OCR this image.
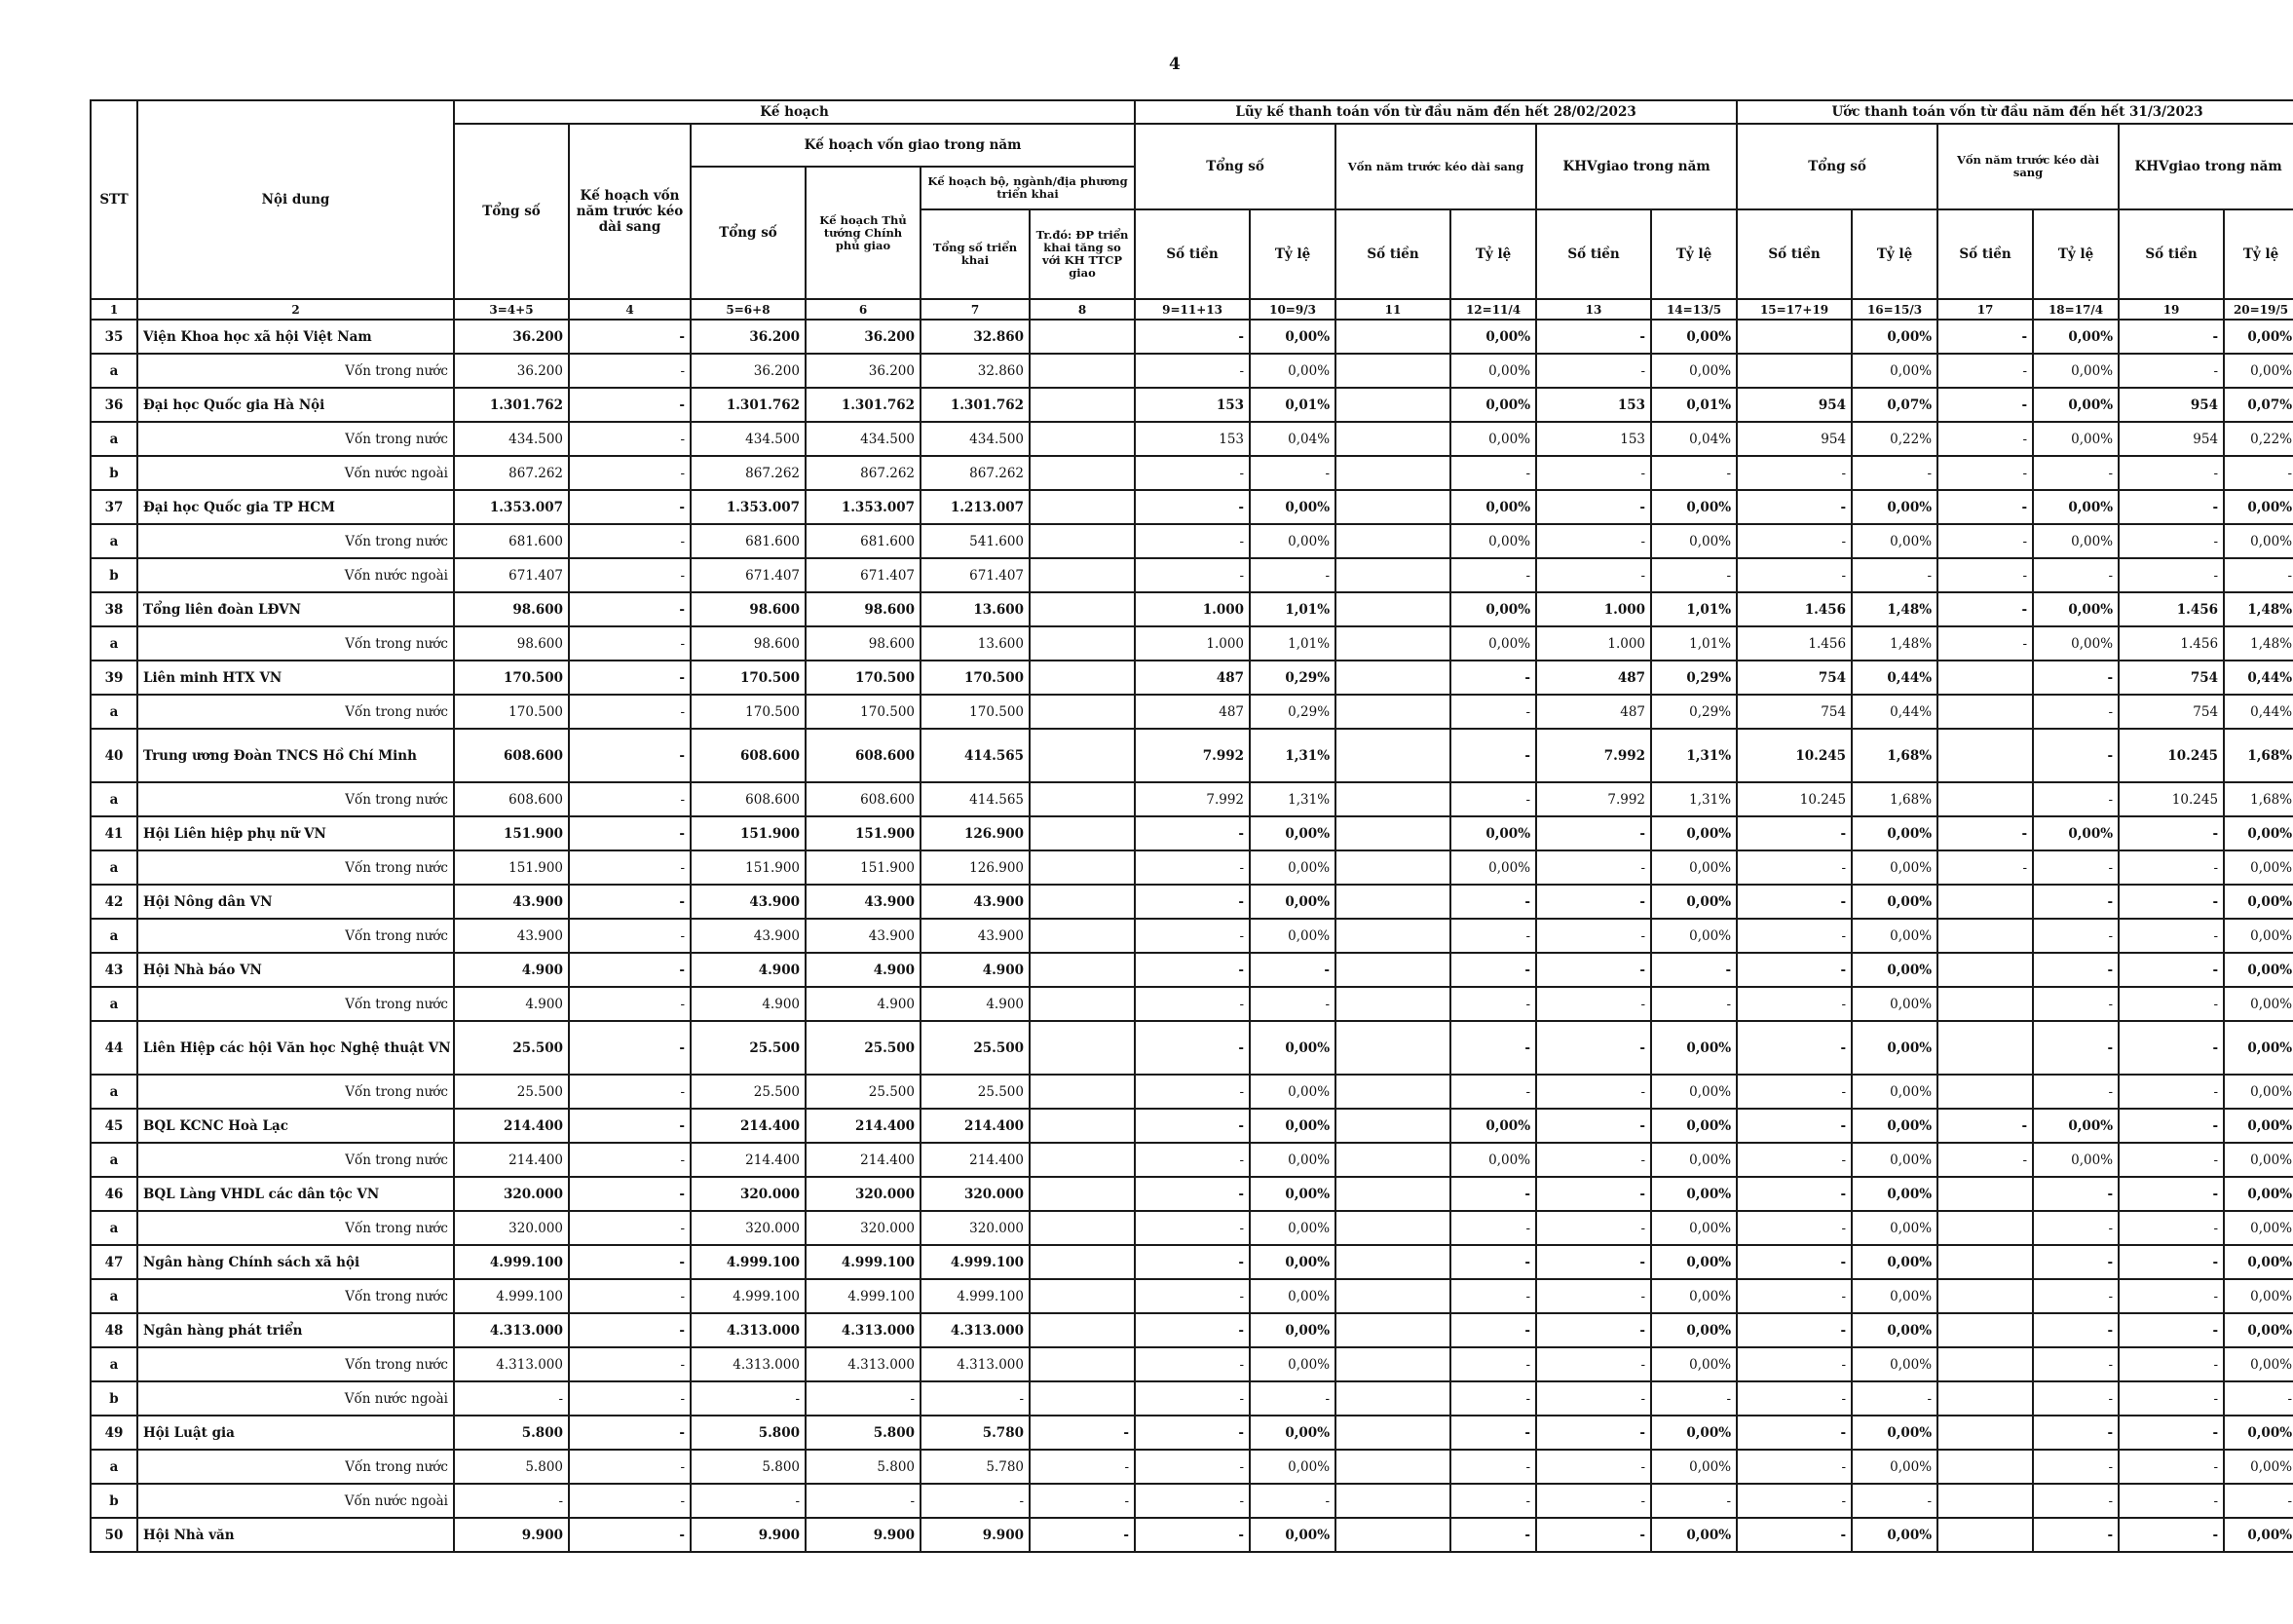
4
STT	Nội dung	Kế hoạch						Lũy kế thanh toán vốn từ đầu năm đến hết 28/02/2023						Ước thanh toán vốn từ đầu năm đến hết 31/3/2023					
		Tổng số	Kế hoạch vốn năm trước kéo dài sang	Kế hoạch vốn giao trong năm				Tổng số		Vốn năm trước kéo dài sang		KHVgiao trong năm		Tổng số		Vốn năm trước kéo dài sang		KHVgiao trong năm	
				Tổng số	Kế hoạch Thủ tướng Chính phủ giao	Kế hoạch bộ, ngành/địa phương triển khai													
						Tổng số triển khai	Tr.đó: ĐP triển khai tăng so với KH TTCP giao	Số tiền	Tỷ lệ	Số tiền	Tỷ lệ	Số tiền	Tỷ lệ	Số tiền	Tỷ lệ	Số tiền	Tỷ lệ	Số tiền	Tỷ lệ
1	2	3=4+5	4	5=6+8	6	7	8	9=11+13	10=9/3	11	12=11/4	13	14=13/5	15=17+19	16=15/3	17	18=17/4	19	20=19/5
35	Viện Khoa học xã hội Việt Nam	36.200	-	36.200	36.200	32.860		-	0,00%		0,00%	-	0,00%		0,00%	-	0,00%	-	0,00%
a	Vốn trong nước	36.200	-	36.200	36.200	32.860		-	0,00%		0,00%	-	0,00%		0,00%	-	0,00%	-	0,00%
36	Đại học Quốc gia Hà Nội	1.301.762	-	1.301.762	1.301.762	1.301.762		153	0,01%		0,00%	153	0,01%	954	0,07%	-	0,00%	954	0,07%
a	Vốn trong nước	434.500	-	434.500	434.500	434.500		153	0,04%		0,00%	153	0,04%	954	0,22%	-	0,00%	954	0,22%
b	Vốn nước ngoài	867.262	-	867.262	867.262	867.262		-	-		-	-	-	-	-	-	-	-	-
37	Đại học Quốc gia TP HCM	1.353.007	-	1.353.007	1.353.007	1.213.007		-	0,00%		0,00%	-	0,00%	-	0,00%	-	0,00%	-	0,00%
a	Vốn trong nước	681.600	-	681.600	681.600	541.600		-	0,00%		0,00%	-	0,00%	-	0,00%	-	0,00%	-	0,00%
b	Vốn nước ngoài	671.407	-	671.407	671.407	671.407		-	-		-	-	-	-	-	-	-	-	-
38	Tổng liên đoàn LĐVN	98.600	-	98.600	98.600	13.600		1.000	1,01%		0,00%	1.000	1,01%	1.456	1,48%	-	0,00%	1.456	1,48%
a	Vốn trong nước	98.600	-	98.600	98.600	13.600		1.000	1,01%		0,00%	1.000	1,01%	1.456	1,48%	-	0,00%	1.456	1,48%
39	Liên minh HTX VN	170.500	-	170.500	170.500	170.500		487	0,29%		-	487	0,29%	754	0,44%		-	754	0,44%
a	Vốn trong nước	170.500	-	170.500	170.500	170.500		487	0,29%		-	487	0,29%	754	0,44%		-	754	0,44%
40	Trung ương Đoàn TNCS Hồ Chí Minh	608.600	-	608.600	608.600	414.565		7.992	1,31%		-	7.992	1,31%	10.245	1,68%		-	10.245	1,68%
a	Vốn trong nước	608.600	-	608.600	608.600	414.565		7.992	1,31%		-	7.992	1,31%	10.245	1,68%		-	10.245	1,68%
41	Hội Liên hiệp phụ nữ VN	151.900	-	151.900	151.900	126.900		-	0,00%		0,00%	-	0,00%	-	0,00%	-	0,00%	-	0,00%
a	Vốn trong nước	151.900	-	151.900	151.900	126.900		-	0,00%		0,00%	-	0,00%	-	0,00%	-	-	-	0,00%
42	Hội Nông dân VN	43.900	-	43.900	43.900	43.900		-	0,00%		-	-	0,00%	-	0,00%		-	-	0,00%
a	Vốn trong nước	43.900	-	43.900	43.900	43.900		-	0,00%		-	-	0,00%	-	0,00%		-	-	0,00%
43	Hội Nhà báo VN	4.900	-	4.900	4.900	4.900		-	-		-	-	-	-	0,00%		-	-	0,00%
a	Vốn trong nước	4.900	-	4.900	4.900	4.900		-	-		-	-	-	-	0,00%		-	-	0,00%
44	Liên Hiệp các hội Văn học Nghệ thuật VN	25.500	-	25.500	25.500	25.500		-	0,00%		-	-	0,00%	-	0,00%		-	-	0,00%
a	Vốn trong nước	25.500	-	25.500	25.500	25.500		-	0,00%		-	-	0,00%	-	0,00%		-	-	0,00%
45	BQL KCNC Hoà Lạc	214.400	-	214.400	214.400	214.400		-	0,00%		0,00%	-	0,00%	-	0,00%	-	0,00%	-	0,00%
a	Vốn trong nước	214.400	-	214.400	214.400	214.400		-	0,00%		0,00%	-	0,00%	-	0,00%	-	0,00%	-	0,00%
46	BQL Làng VHDL các dân tộc VN	320.000	-	320.000	320.000	320.000		-	0,00%		-	-	0,00%	-	0,00%		-	-	0,00%
a	Vốn trong nước	320.000	-	320.000	320.000	320.000		-	0,00%		-	-	0,00%	-	0,00%		-	-	0,00%
47	Ngân hàng Chính sách xã hội	4.999.100	-	4.999.100	4.999.100	4.999.100		-	0,00%		-	-	0,00%	-	0,00%		-	-	0,00%
a	Vốn trong nước	4.999.100	-	4.999.100	4.999.100	4.999.100		-	0,00%		-	-	0,00%	-	0,00%		-	-	0,00%
48	Ngân hàng phát triển	4.313.000	-	4.313.000	4.313.000	4.313.000		-	0,00%		-	-	0,00%	-	0,00%		-	-	0,00%
a	Vốn trong nước	4.313.000	-	4.313.000	4.313.000	4.313.000		-	0,00%		-	-	0,00%	-	0,00%		-	-	0,00%
b	Vốn nước ngoài	-	-	-	-	-		-	-		-	-	-	-	-		-	-	-
49	Hội Luật gia	5.800	-	5.800	5.800	5.780	-	-	0,00%		-	-	0,00%	-	0,00%		-	-	0,00%
a	Vốn trong nước	5.800	-	5.800	5.800	5.780	-	-	0,00%		-	-	0,00%	-	0,00%		-	-	0,00%
b	Vốn nước ngoài	-	-	-	-	-	-	-	-		-	-	-	-	-		-	-	-
50	Hội Nhà văn	9.900	-	9.900	9.900	9.900	-	-	0,00%		-	-	0,00%	-	0,00%		-	-	0,00%
